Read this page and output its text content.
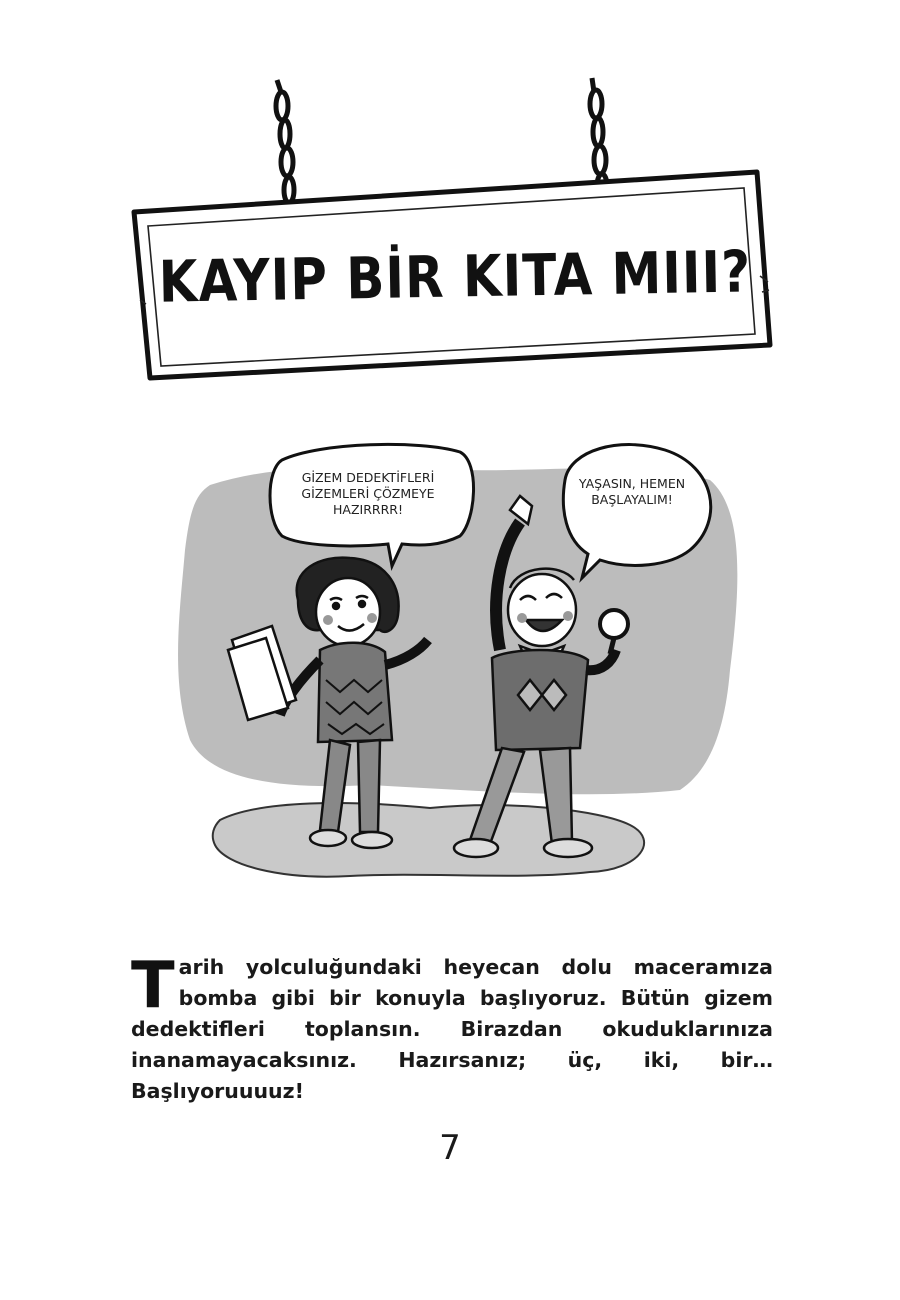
KAYIP BİR KITA MIII?

GİZEM DEDEKTİFLERİ
GİZEMLERİ ÇÖZMEYE
HAZIRRRR!

YAŞASIN, HEMEN
BAŞLAYALIM!

Tarih yolculuğundaki heyecan dolu maceramıza bomba gibi bir konuyla başlıyoruz. Bütün gizem dedektifleri toplansın. Birazdan okuduklarınıza inanamayacaksınız. Hazırsanız; üç, iki, bir… Başlıyoruuuuz!

7
